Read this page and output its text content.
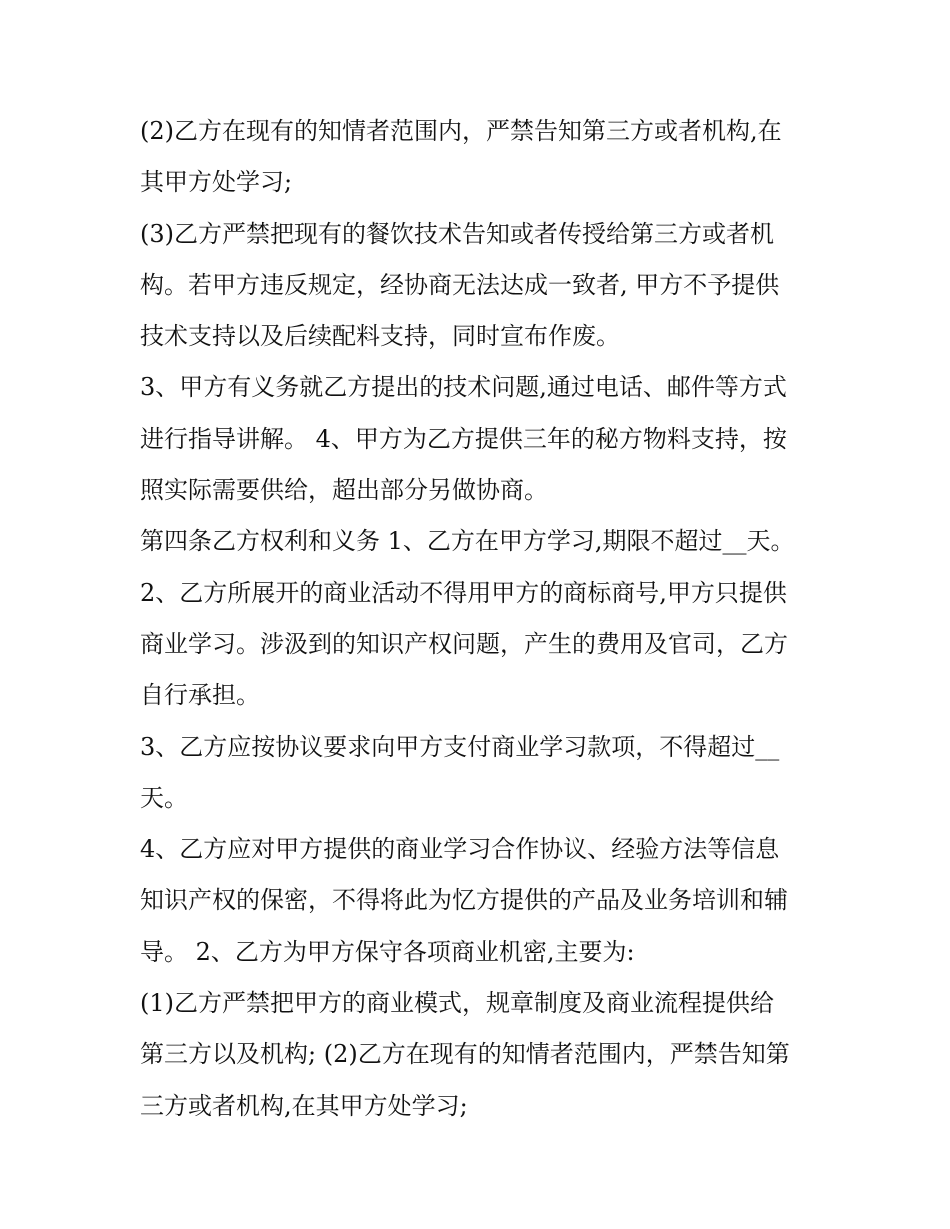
(2)乙方在现有的知情者范围内，严禁告知第三方或者机构,在
其甲方处学习;
(3)乙方严禁把现有的餐饮技术告知或者传授给第三方或者机
构。若甲方违反规定，经协商无法达成一致者, 甲方不予提供
技术支持以及后续配料支持，同时宣布作废。
3、甲方有义务就乙方提出的技术问题,通过电话、邮件等方式
进行指导讲解。 4、甲方为乙方提供三年的秘方物料支持，按
照实际需要供给，超出部分另做协商。
第四条乙方权利和义务 1、乙方在甲方学习,期限不超过__天。
2、乙方所展开的商业活动不得用甲方的商标商号,甲方只提供
商业学习。涉汲到的知识产权问题，产生的费用及官司，乙方
自行承担。
3、乙方应按协议要求向甲方支付商业学习款项，不得超过__
天。
4、乙方应对甲方提供的商业学习合作协议、经验方法等信息
知识产权的保密，不得将此为忆方提供的产品及业务培训和辅
导。 2、乙方为甲方保守各项商业机密,主要为:
(1)乙方严禁把甲方的商业模式，规章制度及商业流程提供给
第三方以及机构; (2)乙方在现有的知情者范围内，严禁告知第
三方或者机构,在其甲方处学习;
